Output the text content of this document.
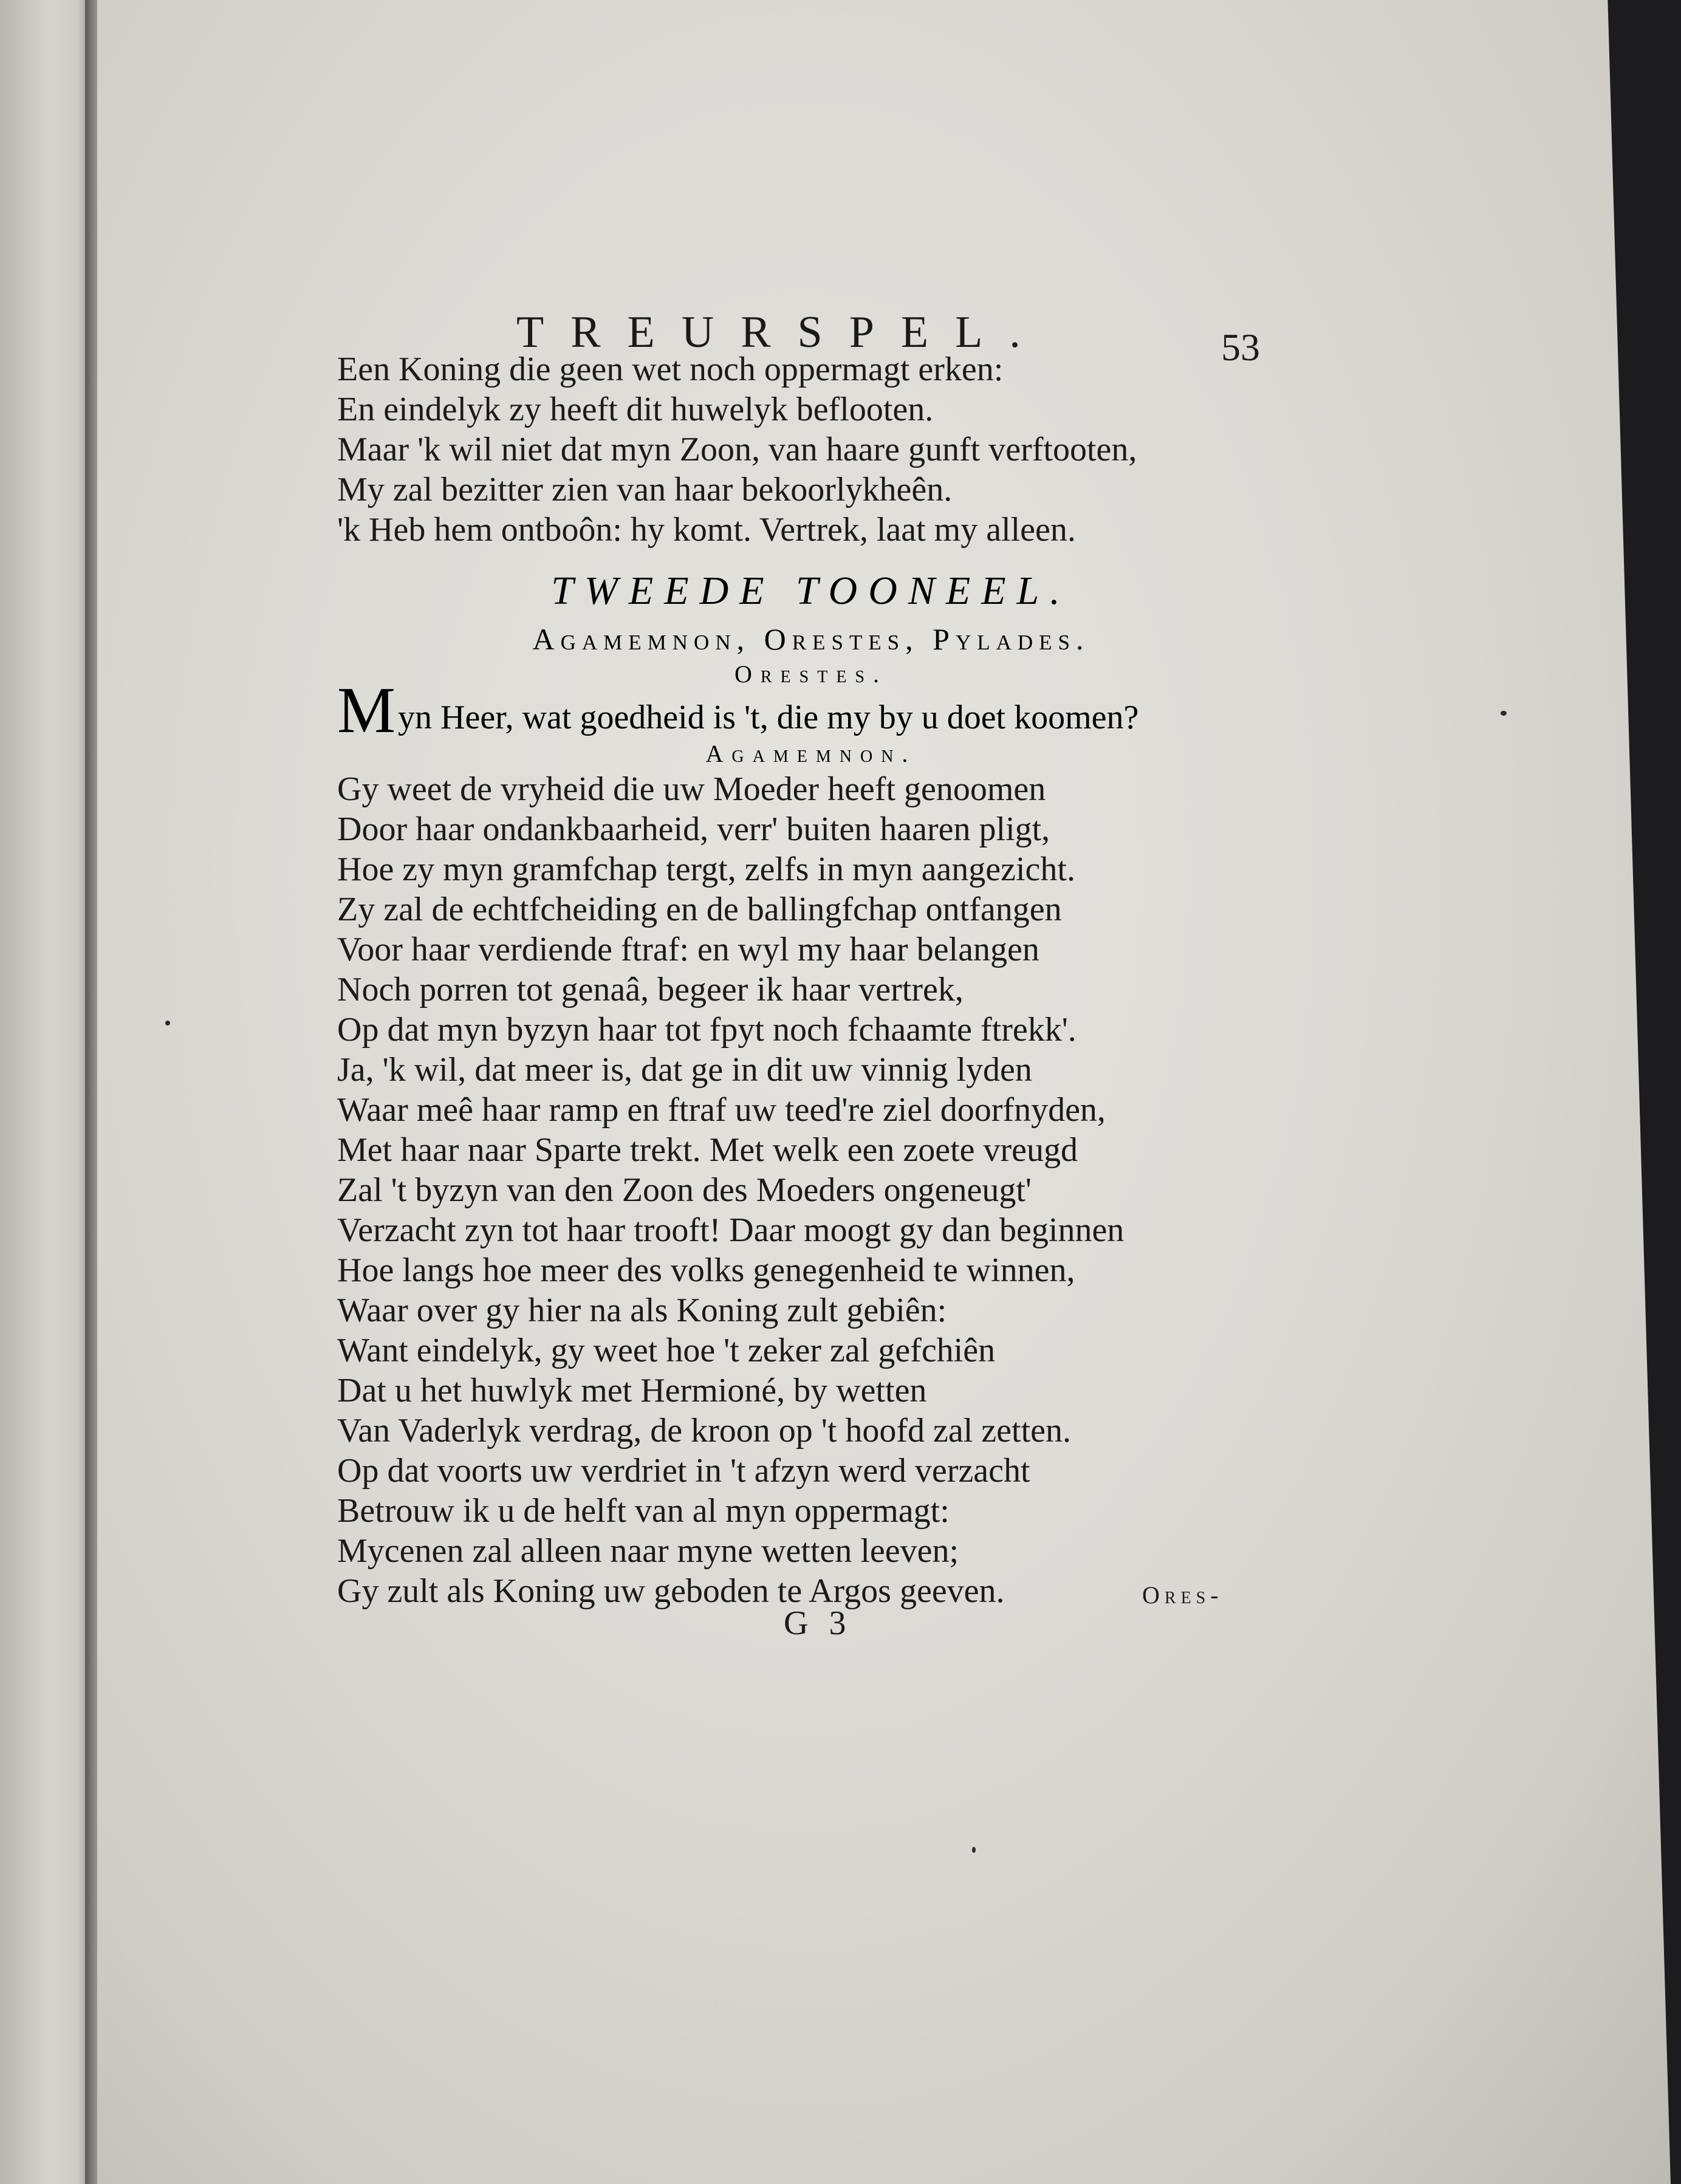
TREURSPEL.	53
Een Koning die geen wet noch oppermagt erken:
En eindelyk zy heeft dit huwelyk beflooten.
Maar 'k wil niet dat myn Zoon, van haare gunft verftooten,
My zal bezitter zien van haar bekoorlykheên.
'k Heb hem ontboôn: hy komt. Vertrek, laat my alleen.
TWEEDE TOONEEL.
Agamemnon, Orestes, Pylades.
Orestes.
Myn Heer, wat goedheid is 't, die my by u doet koomen?
Agamemnon.
Gy weet de vryheid die uw Moeder heeft genoomen
Door haar ondankbaarheid, verr' buiten haaren pligt,
Hoe zy myn gramfchap tergt, zelfs in myn aangezicht.
Zy zal de echtfcheiding en de ballingfchap ontfangen
Voor haar verdiende ftraf: en wyl my haar belangen
Noch porren tot genaâ, begeer ik haar vertrek,
Op dat myn byzyn haar tot fpyt noch fchaamte ftrekk'.
Ja, 'k wil, dat meer is, dat ge in dit uw vinnig lyden
Waar meê haar ramp en ftraf uw teed're ziel doorfnyden,
Met haar naar Sparte trekt. Met welk een zoete vreugd
Zal 't byzyn van den Zoon des Moeders ongeneugt'
Verzacht zyn tot haar trooft! Daar moogt gy dan beginnen
Hoe langs hoe meer des volks genegenheid te winnen,
Waar over gy hier na als Koning zult gebiên:
Want eindelyk, gy weet hoe 't zeker zal gefchiên
Dat u het huwlyk met Hermioné, by wetten
Van Vaderlyk verdrag, de kroon op 't hoofd zal zetten.
Op dat voorts uw verdriet in 't afzyn werd verzacht
Betrouw ik u de helft van al myn oppermagt:
Mycenen zal alleen naar myne wetten leeven;
Gy zult als Koning uw geboden te Argos geeven.
G 3
Ores-
